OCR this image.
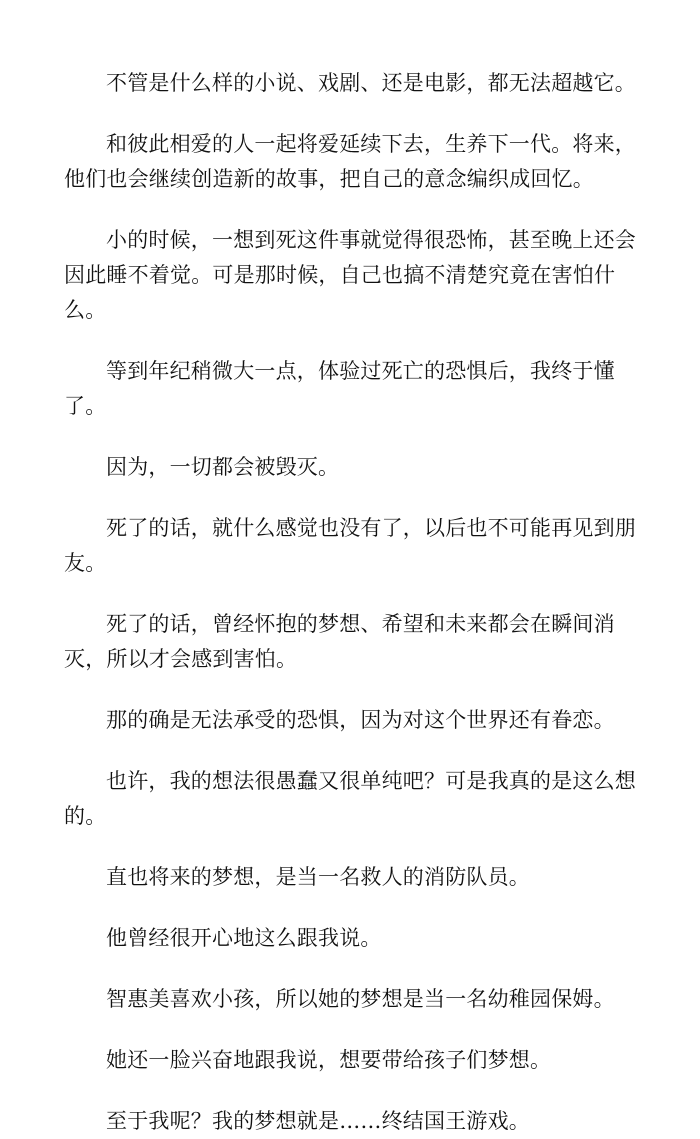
不管是什么样的小说、戏剧、还是电影，都无法超越它。

和彼此相爱的人一起将爱延续下去，生养下一代。将来，他们也会继续创造新的故事，把自己的意念编织成回忆。

小的时候，一想到死这件事就觉得很恐怖，甚至晚上还会因此睡不着觉。可是那时候，自己也搞不清楚究竟在害怕什么。

等到年纪稍微大一点，体验过死亡的恐惧后，我终于懂了。

因为，一切都会被毁灭。

死了的话，就什么感觉也没有了，以后也不可能再见到朋友。

死了的话，曾经怀抱的梦想、希望和未来都会在瞬间消灭，所以才会感到害怕。

那的确是无法承受的恐惧，因为对这个世界还有眷恋。

也许，我的想法很愚蠢又很单纯吧？可是我真的是这么想的。

直也将来的梦想，是当一名救人的消防队员。

他曾经很开心地这么跟我说。

智惠美喜欢小孩，所以她的梦想是当一名幼稚园保姆。

她还一脸兴奋地跟我说，想要带给孩子们梦想。

至于我呢？我的梦想就是……终结国王游戏。
